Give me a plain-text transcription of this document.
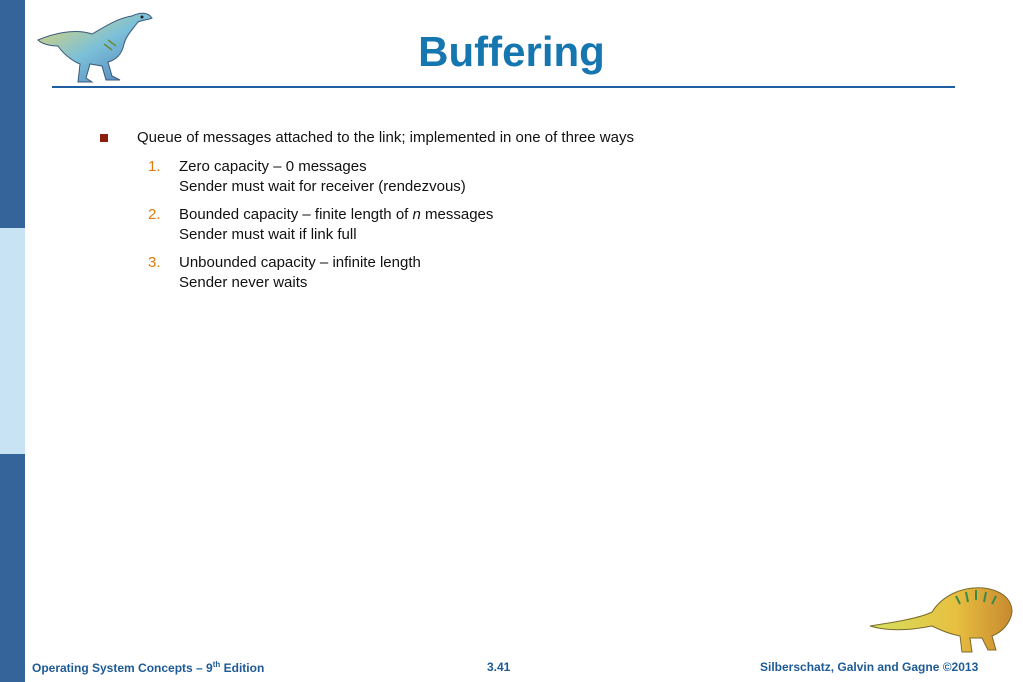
Buffering
Queue of messages attached to the link; implemented in one of three ways
1. Zero capacity – 0 messages
Sender must wait for receiver (rendezvous)
2. Bounded capacity – finite length of n messages
Sender must wait if link full
3. Unbounded capacity – infinite length
Sender never waits
Operating System Concepts – 9th Edition	3.41	Silberschatz, Galvin and Gagne ©2013
